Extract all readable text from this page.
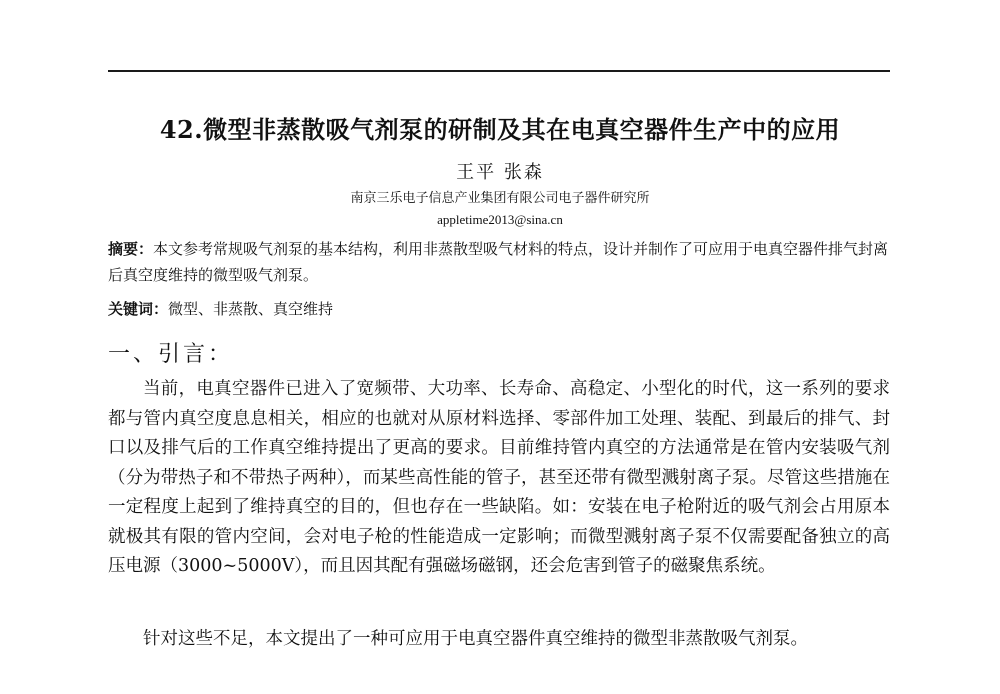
42.微型非蒸散吸气剂泵的研制及其在电真空器件生产中的应用
王平 张森
南京三乐电子信息产业集团有限公司电子器件研究所
appletime2013@sina.cn
摘要：本文参考常规吸气剂泵的基本结构，利用非蒸散型吸气材料的特点，设计并制作了可应用于电真空器件排气封离后真空度维持的微型吸气剂泵。
关键词：微型、非蒸散、真空维持
一、引言：
当前，电真空器件已进入了宽频带、大功率、长寿命、高稳定、小型化的时代，这一系列的要求都与管内真空度息息相关，相应的也就对从原材料选择、零部件加工处理、装配、到最后的排气、封口以及排气后的工作真空维持提出了更高的要求。目前维持管内真空的方法通常是在管内安装吸气剂（分为带热子和不带热子两种），而某些高性能的管子，甚至还带有微型溅射离子泵。尽管这些措施在一定程度上起到了维持真空的目的，但也存在一些缺陷。如：安装在电子枪附近的吸气剂会占用原本就极其有限的管内空间，会对电子枪的性能造成一定影响；而微型溅射离子泵不仅需要配备独立的高压电源（3000~5000V），而且因其配有强磁场磁钢，还会危害到管子的磁聚焦系统。
针对这些不足，本文提出了一种可应用于电真空器件真空维持的微型非蒸散吸气剂泵。
